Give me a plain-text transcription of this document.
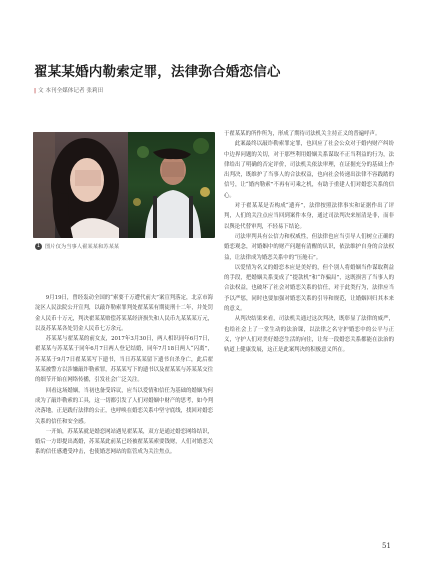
翟某某婚内勒索定罪，法律弥合婚恋信心
| 文 本刊全媒体记者 张莉田
1 图片仅为当事人翟某某和苏某某

9月19日，曾经轰动全国的“索要千万遭代前夫”案宣判落定，北京市海淀区人民法院公开宣判，以敲诈勒索罪判处翟某某有期徒刑十二年，并处罚金人民币十万元，判决翟某某赔偿苏某某经济损失和人民币九某某某万元，以及苏某某各处罚金人民币七万余元。

苏某某与翟某某的前女友，2017年3月30日，两人相识同年6月7日，翟某某与苏某某于同年6月7日两人登记结婚，同年7月18日两人“闪离”，苏某某于9月7日翟某某写下遗书，当日苏某某留下遗书自杀身亡，此后翟某某被警方以涉嫌敲诈勒索罪，苏某某写下的遗书以及翟某某与苏某某交往的细节开始在网络传播，引发社会广泛关注。

回看这场婚姻，当初也备受诉议，应当以爱情和信任为基础的婚姻为何成为了敲诈勒索的工具，这一切都引发了人们对婚姻中财产的思考，如今判决落地，正是践行法律的公正，也呼唤在婚恋关系中坚守底线，找回对婚恋关系的信任和安全感。

一开始，苏某某就是婚恋网站遇见翟某某，双方是通过婚恋网络结识，婚后一方即提出离婚，苏某某此前某已经被翟某某索要钱财，人们对婚恋关系的信任感遭受冲击，也使婚恋网站的监管成为关注焦点。

于翟某某的所作所为，形成了期待司法机关主持正义的普遍呼声。

此案最终以敲诈勒索罪定罪，也回应了社会公众对于婚内财产纠纷中边界问题的关切，对于那些利用婚姻关系谋取不正当利益的行为，法律给出了明确的否定评价，司法机关依法审理，在证据充分的基础上作出判决，既维护了当事人的合法权益，也向社会传递出法律不容践踏的信号，让“婚内勒索”不再有可乘之机，有助于重建人们对婚恋关系的信心。

对于翟某某是否构成“遗弃”，法律按照法律事实和证据作出了评判，人们的关注点应当回到案件本身，通过司法判决来厘清是非，而非以舆论代替审判，不轻易下结论。

司法审判具有公信力和权威性，但法律也应当引导人们树立正确的婚恋观念，对婚姻中的财产问题有清醒的认识，依法维护自身的合法权益，让法律成为婚恋关系中的“压舱石”。

以爱情为名义的婚恋本应是美好的，但个别人将婚姻当作谋取利益的手段，把婚姻关系变成了“提款机”和“诈骗局”，这既损害了当事人的合法权益，也破坏了社会对婚恋关系的信任，对于此类行为，法律应当予以严惩，同时也要加强对婚恋关系的引导和规范，让婚姻回归其本来的意义。

从判决结果来看，司法机关通过这次判决，既彰显了法律的威严，也给社会上了一堂生动的法治课，以法律之名守护婚恋中的公平与正义，守护人们对美好婚恋生活的向往，让每一段婚恋关系都能在法治的轨道上健康发展，这正是此案判决的积极意义所在。

51
